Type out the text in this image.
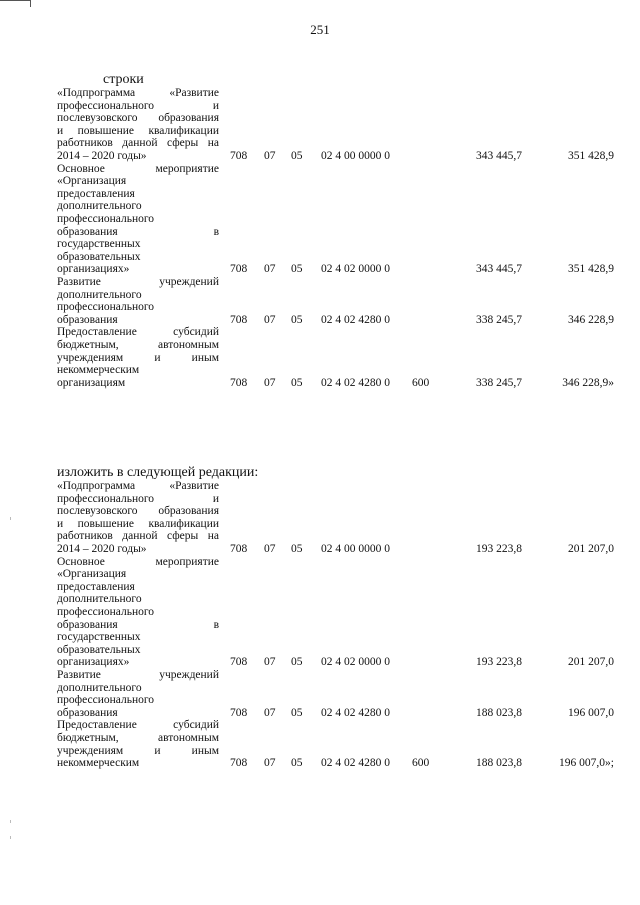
251
строки
«Подпрограмма «Развитие
профессионального и
послевузовского образования
и повышение квалификации
работников данной сферы на
2014 – 2020 годы»	708 07 05 02 4 00 0000 0	343 445,7	351 428,9
Основное мероприятие
«Организация
предоставления
дополнительного
профессионального
образования в
государственных
образовательных
организациях»	708 07 05 02 4 02 0000 0	343 445,7	351 428,9
Развитие учреждений
дополнительного
профессионального
образования	708 07 05 02 4 02 4280 0	338 245,7	346 228,9
Предоставление субсидий
бюджетным, автономным
учреждениям и иным
некоммерческим
организациям	708 07 05 02 4 02 4280 0 600	338 245,7	346 228,9»
изложить в следующей редакции:
«Подпрограмма «Развитие
профессионального и
послевузовского образования
и повышение квалификации
работников данной сферы на
2014 – 2020 годы»	708 07 05 02 4 00 0000 0	193 223,8	201 207,0
Основное мероприятие
«Организация
предоставления
дополнительного
профессионального
образования в
государственных
образовательных
организациях»	708 07 05 02 4 02 0000 0	193 223,8	201 207,0
Развитие учреждений
дополнительного
профессионального
образования	708 07 05 02 4 02 4280 0	188 023,8	196 007,0
Предоставление субсидий
бюджетным, автономным
учреждениям и иным
некоммерческим	708 07 05 02 4 02 4280 0 600	188 023,8	196 007,0»;
